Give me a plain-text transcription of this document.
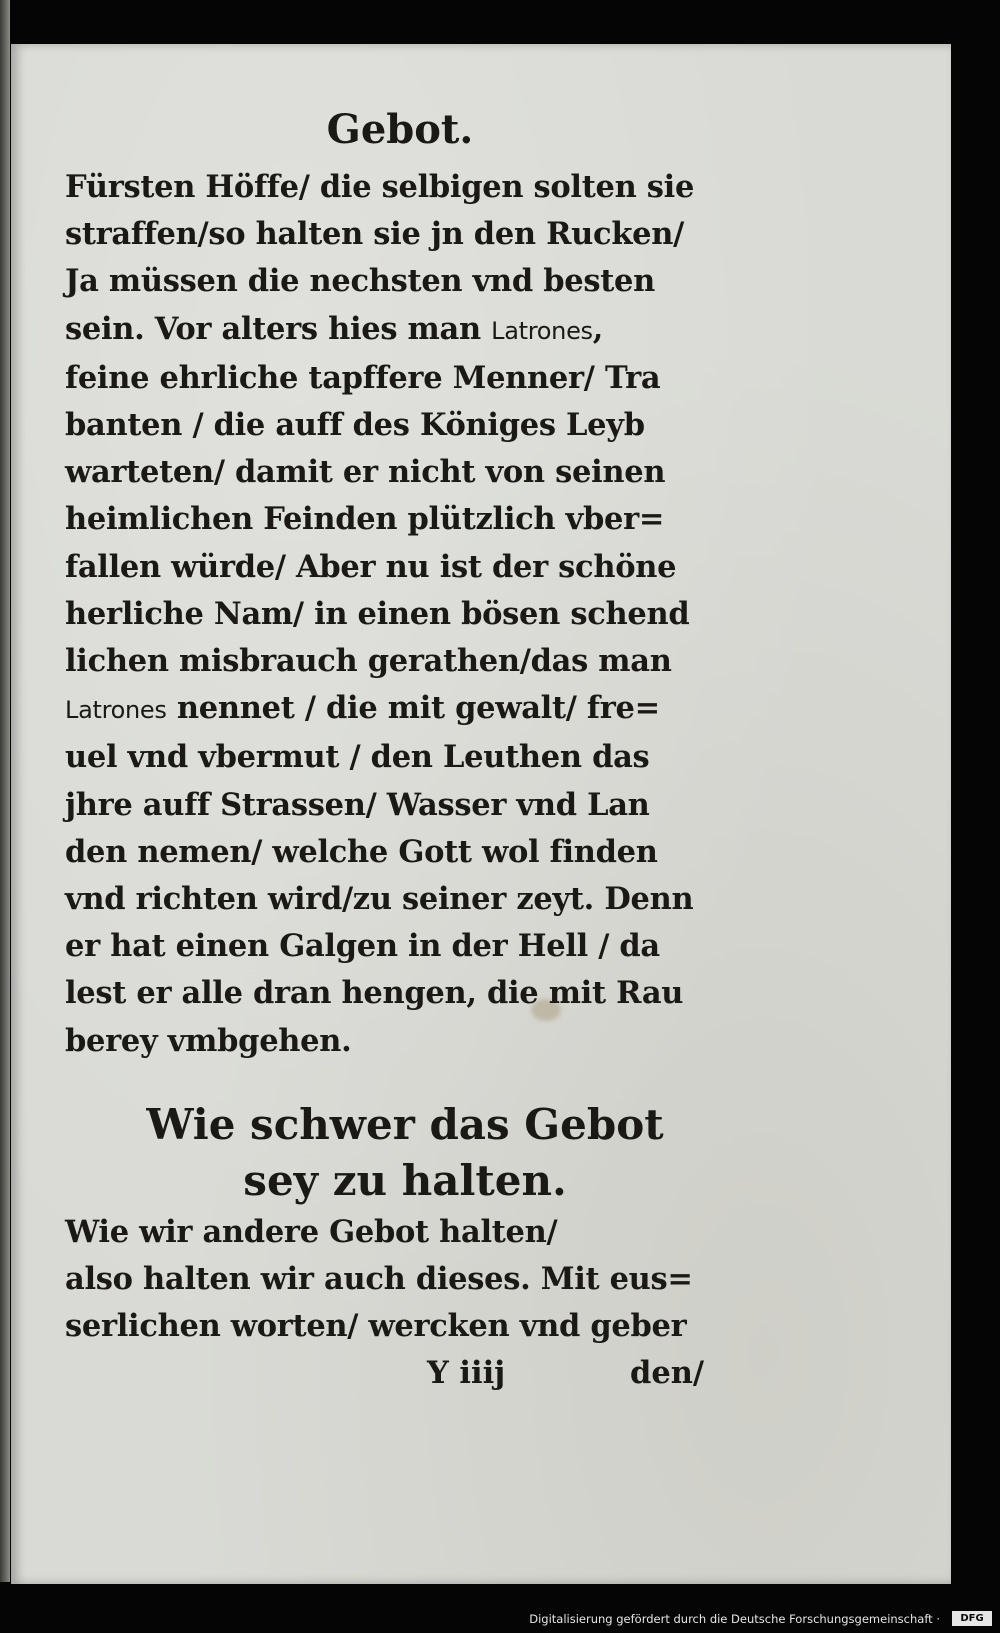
Gebot.
Fürsten Höffe/ die selbigen solten sie
straffen/so halten sie jn den Rucken/
Ja müssen die nechsten vnd besten
sein. Vor alters hies man Latrones,
feine ehrliche tapffere Menner/ Tra
banten / die auff des Königes Leyb
warteten/ damit er nicht von seinen
heimlichen Feinden plützlich vber=
fallen würde/ Aber nu ist der schöne
herliche Nam/ in einen bösen schend
lichen misbrauch gerathen/das man
Latrones nennet / die mit gewalt/ fre=
uel vnd vbermut / den Leuthen das
jhre auff Strassen/ Wasser vnd Lan
den nemen/ welche Gott wol finden
vnd richten wird/zu seiner zeyt. Denn
er hat einen Galgen in der Hell / da
lest er alle dran hengen, die mit Rau
berey vmbgehen.
Wie schwer das Gebot
sey zu halten.
Wie wir andere Gebot halten/
also halten wir auch dieses. Mit eus=
serlichen worten/ wercken vnd geber
Y iiij	den/
Digitalisierung gefördert durch die Deutsche Forschungsgemeinschaft ·	DFG
